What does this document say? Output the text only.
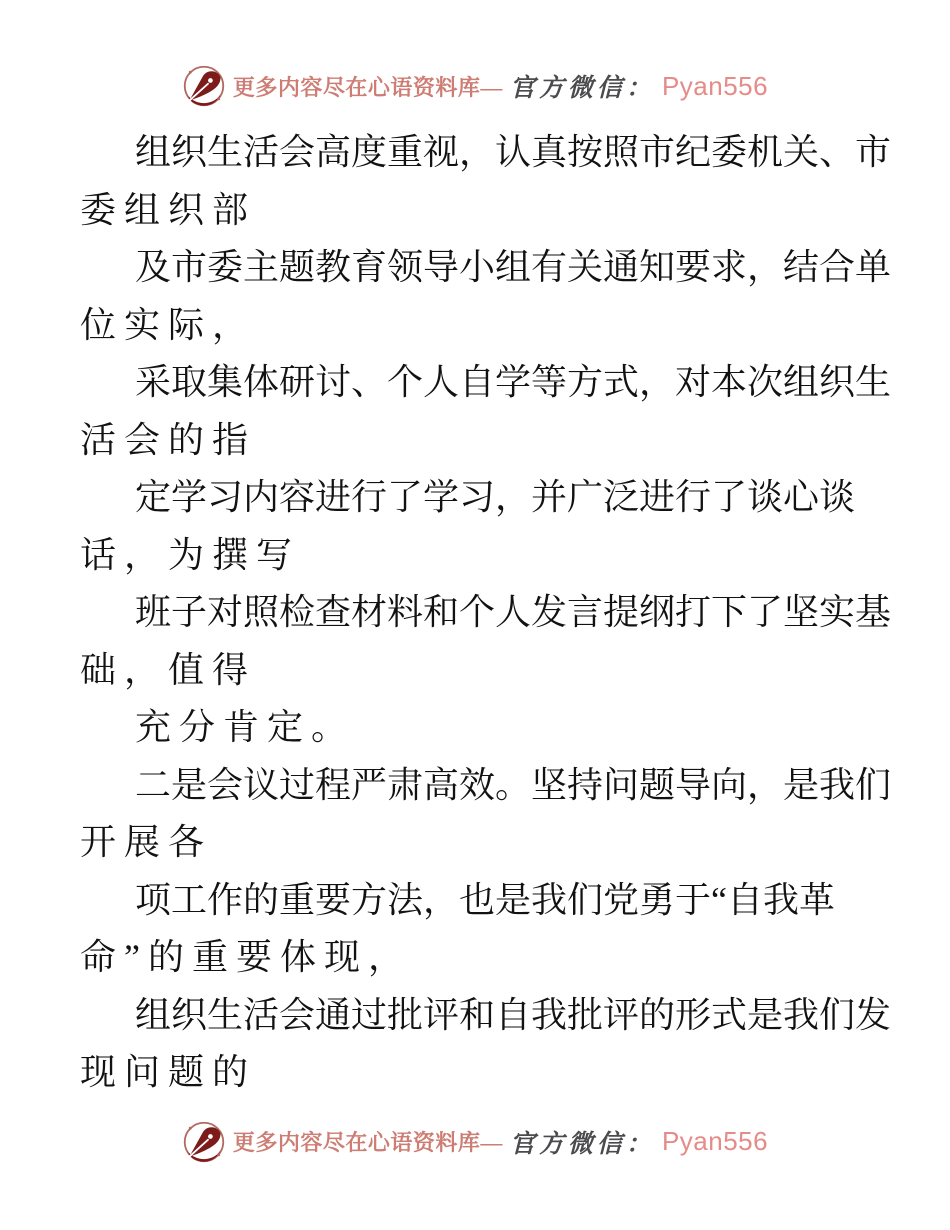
更多内容尽在心语资料库— 官方微信： Pyan556
组织生活会高度重视，认真按照市纪委机关、市
委组织部
及市委主题教育领导小组有关通知要求，结合单
位实际，
采取集体研讨、个人自学等方式，对本次组织生
活会的指
定学习内容进行了学习，并广泛进行了谈心谈
话，为撰写
班子对照检查材料和个人发言提纲打下了坚实基
础，值得
充分肯定。
二是会议过程严肃高效。坚持问题导向，是我们
开展各
项工作的重要方法，也是我们党勇于“自我革
命”的重要体现，
组织生活会通过批评和自我批评的形式是我们发
现问题的
更多内容尽在心语资料库— 官方微信： Pyan556
